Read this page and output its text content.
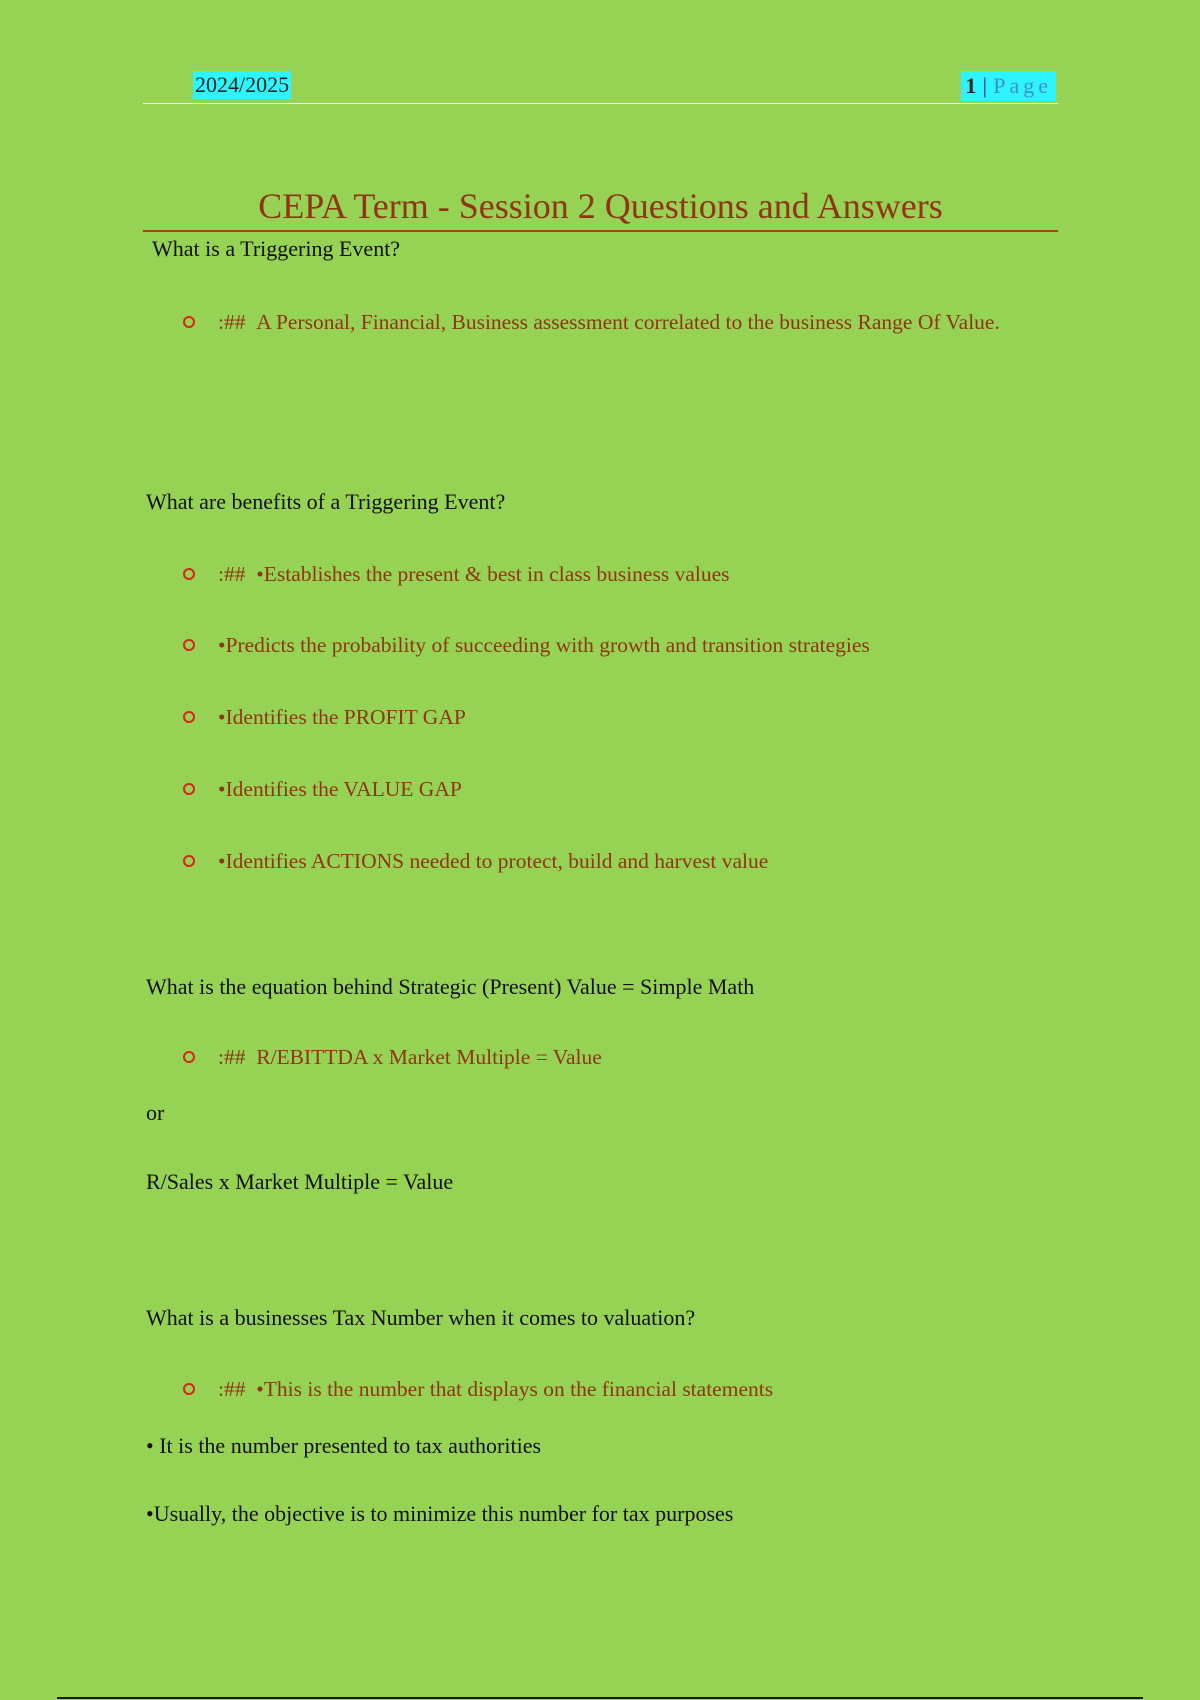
2024/2025	1 | Page
CEPA Term - Session 2 Questions and Answers
What is a Triggering Event?
:##  A Personal, Financial, Business assessment correlated to the business Range Of Value.
What are benefits of a Triggering Event?
:##  •Establishes the present & best in class business values
•Predicts the probability of succeeding with growth and transition strategies
•Identifies the PROFIT GAP
•Identifies the VALUE GAP
•Identifies ACTIONS needed to protect, build and harvest value
What is the equation behind Strategic (Present) Value = Simple Math
:##  R/EBITTDA x Market Multiple = Value
or
R/Sales x Market Multiple = Value
What is a businesses Tax Number when it comes to valuation?
:##  •This is the number that displays on the financial statements
• It is the number presented to tax authorities
•Usually, the objective is to minimize this number for tax purposes
